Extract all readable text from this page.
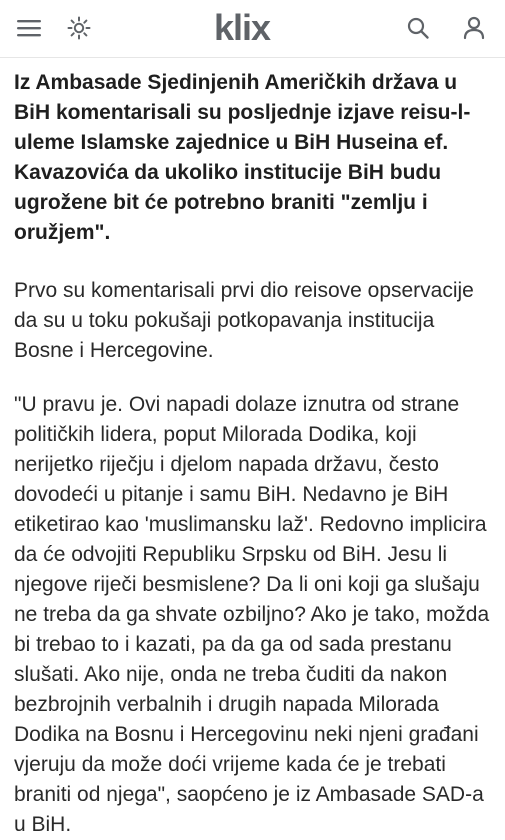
klix

Iz Ambasade Sjedinjenih Američkih država u BiH komentarisali su posljednje izjave reisu-l-uleme Islamske zajednice u BiH Huseina ef. Kavazovića da ukoliko institucije BiH budu ugrožene bit će potrebno braniti "zemlju i oružjem".

Prvo su komentarisali prvi dio reisove opservacije da su u toku pokušaji potkopavanja institucija Bosne i Hercegovine.

"U pravu je. Ovi napadi dolaze iznutra od strane političkih lidera, poput Milorada Dodika, koji nerijetko riječju i djelom napada državu, često dovodeći u pitanje i samu BiH. Nedavno je BiH etiketirao kao 'muslimansku laž'. Redovno implicira da će odvojiti Republiku Srpsku od BiH. Jesu li njegove riječi besmislene? Da li oni koji ga slušaju ne treba da ga shvate ozbiljno? Ako je tako, možda bi trebao to i kazati, pa da ga od sada prestanu slušati. Ako nije, onda ne treba čuditi da nakon bezbrojnih verbalnih i drugih napada Milorada Dodika na Bosnu i Hercegovinu neki njeni građani vjeruju da može doći vrijeme kada će je trebati braniti od njega", saopćeno je iz Ambasade SAD-a u BiH.
